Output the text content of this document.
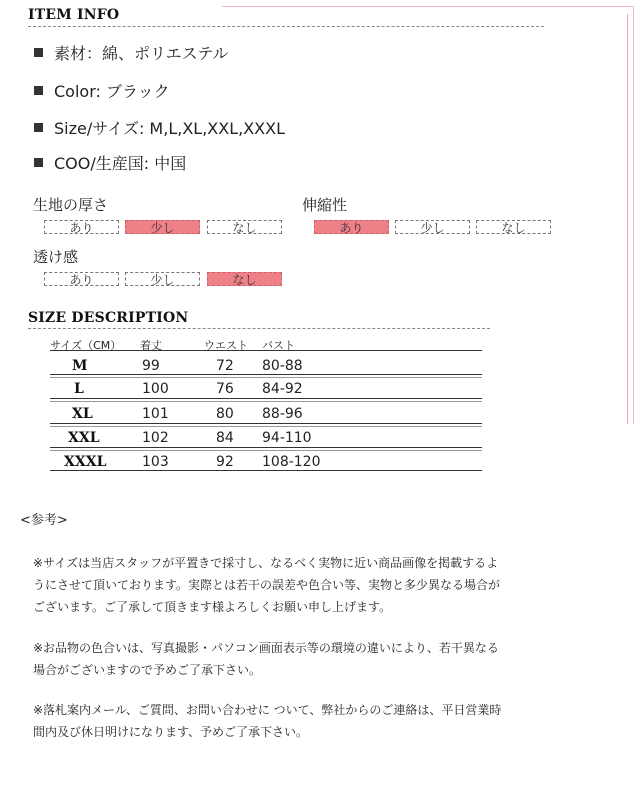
ITEM INFO
素材：綿、ポリエステル
Color: ブラック
Size/サイズ: M,L,XL,XXL,XXXL
COO/生産国: 中国
生地の厚さ
あり	少し	なし
伸縮性
あり	少し	なし
透け感
あり	少し	なし
SIZE DESCRIPTION
サイズ（CM） 着丈	ウエスト バスト
M	99	72 80-88
L	100	76 84-92
XL	101	80 88-96
XXL	102	84 94-110
XXXL	103	92 108-120
<参考>
※サイズは当店スタッフが平置きで採寸し、なるべく実物に近い商品画像を掲載するよ
うにさせて頂いております。実際とは若干の誤差や色合い等、実物と多少異なる場合が
ございます。ご了承して頂きます様よろしくお願い申し上げます。
※お品物の色合いは、写真撮影・パソコン画面表示等の環境の違いにより、若干異なる
場合がございますので予めご了承下さい。
※落札案内メール、ご質問、お問い合わせに ついて、弊社からのご連絡は、平日営業時
間内及び休日明けになります、予めご了承下さい。
